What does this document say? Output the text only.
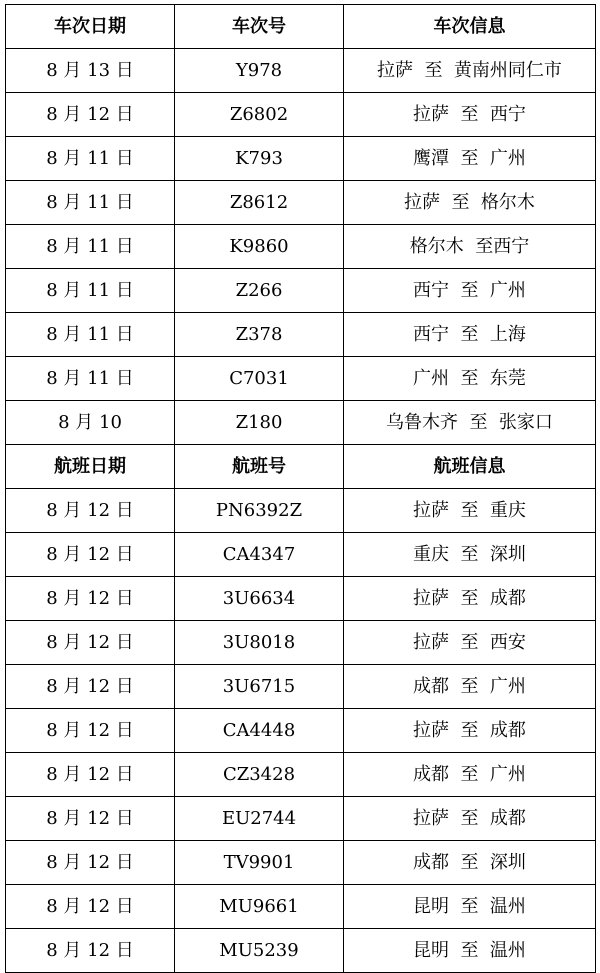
车次日期	车次号	车次信息
8 月 13 日	Y978	拉萨  至  黄南州同仁市
8 月 12 日	Z6802	拉萨  至  西宁
8 月 11 日	K793	鹰潭  至  广州
8 月 11 日	Z8612	拉萨  至  格尔木
8 月 11 日	K9860	格尔木  至西宁
8 月 11 日	Z266	西宁  至  广州
8 月 11 日	Z378	西宁  至  上海
8 月 11 日	C7031	广州  至  东莞
8 月 10	Z180	乌鲁木齐  至  张家口
航班日期	航班号	航班信息
8 月 12 日	PN6392Z	拉萨  至  重庆
8 月 12 日	CA4347	重庆  至  深圳
8 月 12 日	3U6634	拉萨  至  成都
8 月 12 日	3U8018	拉萨  至  西安
8 月 12 日	3U6715	成都  至  广州
8 月 12 日	CA4448	拉萨  至  成都
8 月 12 日	CZ3428	成都  至  广州
8 月 12 日	EU2744	拉萨  至  成都
8 月 12 日	TV9901	成都  至  深圳
8 月 12 日	MU9661	昆明  至  温州
8 月 12 日	MU5239	昆明  至  温州
